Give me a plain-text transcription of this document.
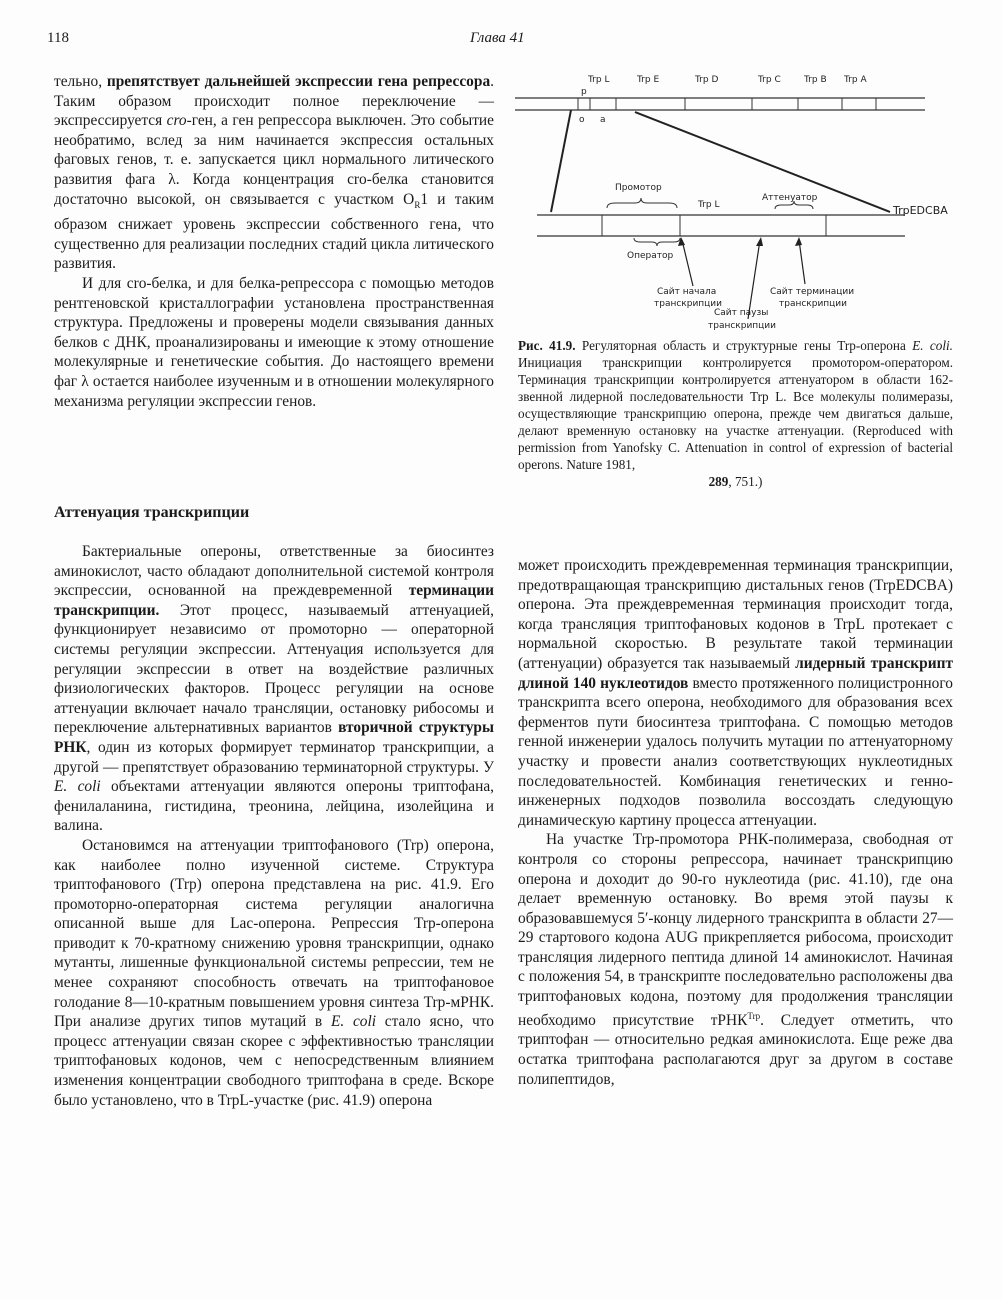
118	Глава 41

тельно, препятствует дальнейшей экспрессии гена репрессора. Таким образом происходит полное переключение — экспрессируется cro-ген, а ген репрессора выключен. Это событие необратимо, вслед за ним начинается экспрессия остальных фаговых генов, т. е. запускается цикл нормального литического развития фага λ. Когда концентрация cro-белка становится достаточно высокой, он связывается с участком $O_R1$ и таким образом снижает уровень экспрессии собственного гена, что существенно для реализации последних стадий цикла литического развития.

И для cro-белка, и для белка-репрессора с помощью методов рентгеновской кристаллографии установлена пространственная структура. Предложены и проверены модели связывания данных белков с ДНК, проанализированы и имеющие к этому отношение молекулярные и генетические события. До настоящего времени фаг λ остается наиболее изученным и в отношении молекулярного механизма регуляции экспрессии генов.

Аттенуация транскрипции

Бактериальные опероны, ответственные за биосинтез аминокислот, часто обладают дополнительной системой контроля экспрессии, основанной на преждевременной терминации транскрипции. Этот процесс, называемый аттенуацией, функционирует независимо от промоторно — операторной системы регуляции экспрессии. Аттенуация используется для регуляции экспрессии в ответ на воздействие различных физиологических факторов. Процесс регуляции на основе аттенуации включает начало трансляции, остановку рибосомы и переключение альтернативных вариантов вторичной структуры РНК, один из которых формирует терминатор транскрипции, а другой — препятствует образованию терминаторной структуры. У E. coli объектами аттенуации являются опероны триптофана, фенилаланина, гистидина, треонина, лейцина, изолейцина и валина.

Остановимся на аттенуации триптофанового (Trp) оперона, как наиболее полно изученной системе. Структура триптофанового (Trp) оперона представлена на рис. 41.9. Его промоторно-операторная система регуляции аналогична описанной выше для Lac-оперона. Репрессия Trp-оперона приводит к 70-кратному снижению уровня транскрипции, однако мутанты, лишенные функциональной системы репрессии, тем не менее сохраняют способность отвечать на триптофановое голодание 8—10-кратным повышением уровня синтеза Trp-мРНК. При анализе других типов мутаций в E. coli стало ясно, что процесс аттенуации связан скорее с эффективностью трансляции триптофановых кодонов, чем с непосредственным влиянием изменения концентрации свободного триптофана в среде. Вскоре было установлено, что в TrpL-участке (рис. 41.9) оперона

Trp L	Trp E	Trp D	Trp C	Trp B Trp A
p
o a
Промотор
Trp L
Аттенуатор
TrpEDCBA
Оператор
Сайт начала
транскрипции
Сайт терминации
транскрипции
Сайт паузы
транскрипции
Рис. 41.9. Регуляторная область и структурные гены Trp-оперона E. coli. Инициация транскрипции контролируется промотором-оператором. Терминация транскрипции контролируется аттенуатором в области 162-звенной лидерной последовательности Trp L. Все молекулы полимеразы, осуществляющие транскрипцию оперона, прежде чем двигаться дальше, делают временную остановку на участке аттенуации. (Reproduced with permission from Yanofsky C. Attenuation in control of expression of bacterial operons. Nature 1981,
289, 751.)

может происходить преждевременная терминация транскрипции, предотвращающая транскрипцию дистальных генов (TrpEDCBA) оперона. Эта преждевременная терминация происходит тогда, когда трансляция триптофановых кодонов в TrpL протекает с нормальной скоростью. В результате такой терминации (аттенуации) образуется так называемый лидерный транскрипт длиной 140 нуклеотидов вместо протяженного полицистронного транскрипта всего оперона, необходимого для образования всех ферментов пути биосинтеза триптофана. С помощью методов генной инженерии удалось получить мутации по аттенуаторному участку и провести анализ соответствующих нуклеотидных последовательностей. Комбинация генетических и генно-инженерных подходов позволила воссоздать следующую динамическую картину процесса аттенуации.

На участке Trp-промотора РНК-полимераза, свободная от контроля со стороны репрессора, начинает транскрипцию оперона и доходит до 90-го нуклеотида (рис. 41.10), где она делает временную остановку. Во время этой паузы к образовавшемуся 5′-концу лидерного транскрипта в области 27—29 стартового кодона AUG прикрепляется рибосома, происходит трансляция лидерного пептида длиной 14 аминокислот. Начиная с положения 54, в транскрипте последовательно расположены два триптофановых кодона, поэтому для продолжения трансляции необходимо присутствие тРНК$^{Trp}$. Следует отметить, что триптофан — относительно редкая аминокислота. Еще реже два остатка триптофана располагаются друг за другом в составе полипептидов,
